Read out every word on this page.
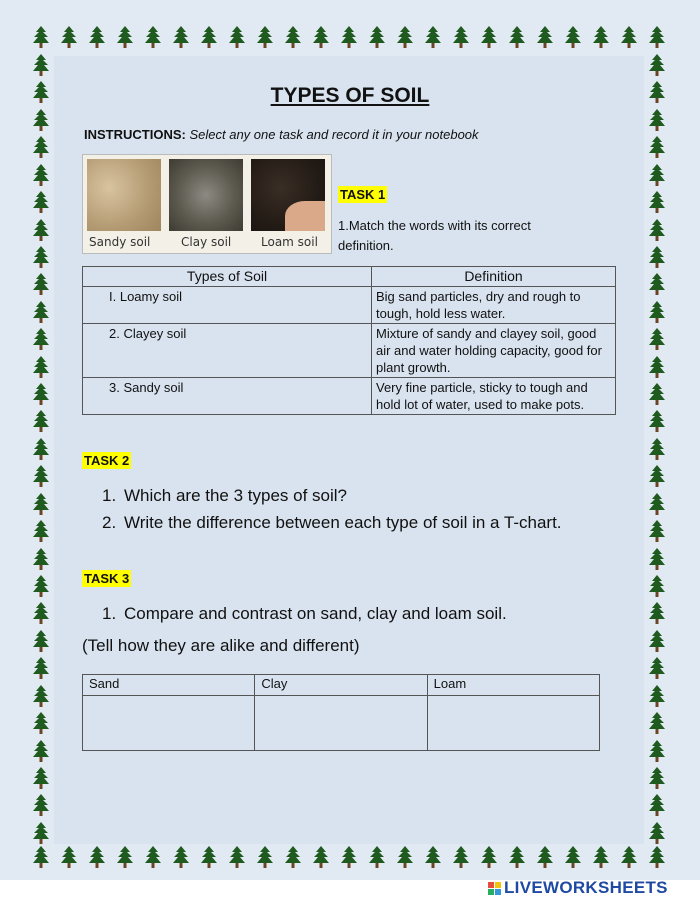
TYPES OF SOIL
INSTRUCTIONS: Select any one task and record it in your notebook
Sandy soil	Clay soil Loam soil
TASK 1
1.Match the words with its correct definition.
Types of Soil	Definition
I. Loamy soil	Big sand particles, dry and rough to tough, hold less water.
2. Clayey soil	Mixture of sandy and clayey soil, good air and water holding capacity, good for plant growth.
3. Sandy soil	Very fine particle, sticky to tough and hold lot of water, used to make pots.
TASK 2
1. Which are the 3 types of soil?
2. Write the difference between each type of soil in a T-chart.
TASK 3
1. Compare and contrast on sand, clay and loam soil.
(Tell how they are alike and different)
Sand	Clay	Loam

LIVEWORKSHEETS
